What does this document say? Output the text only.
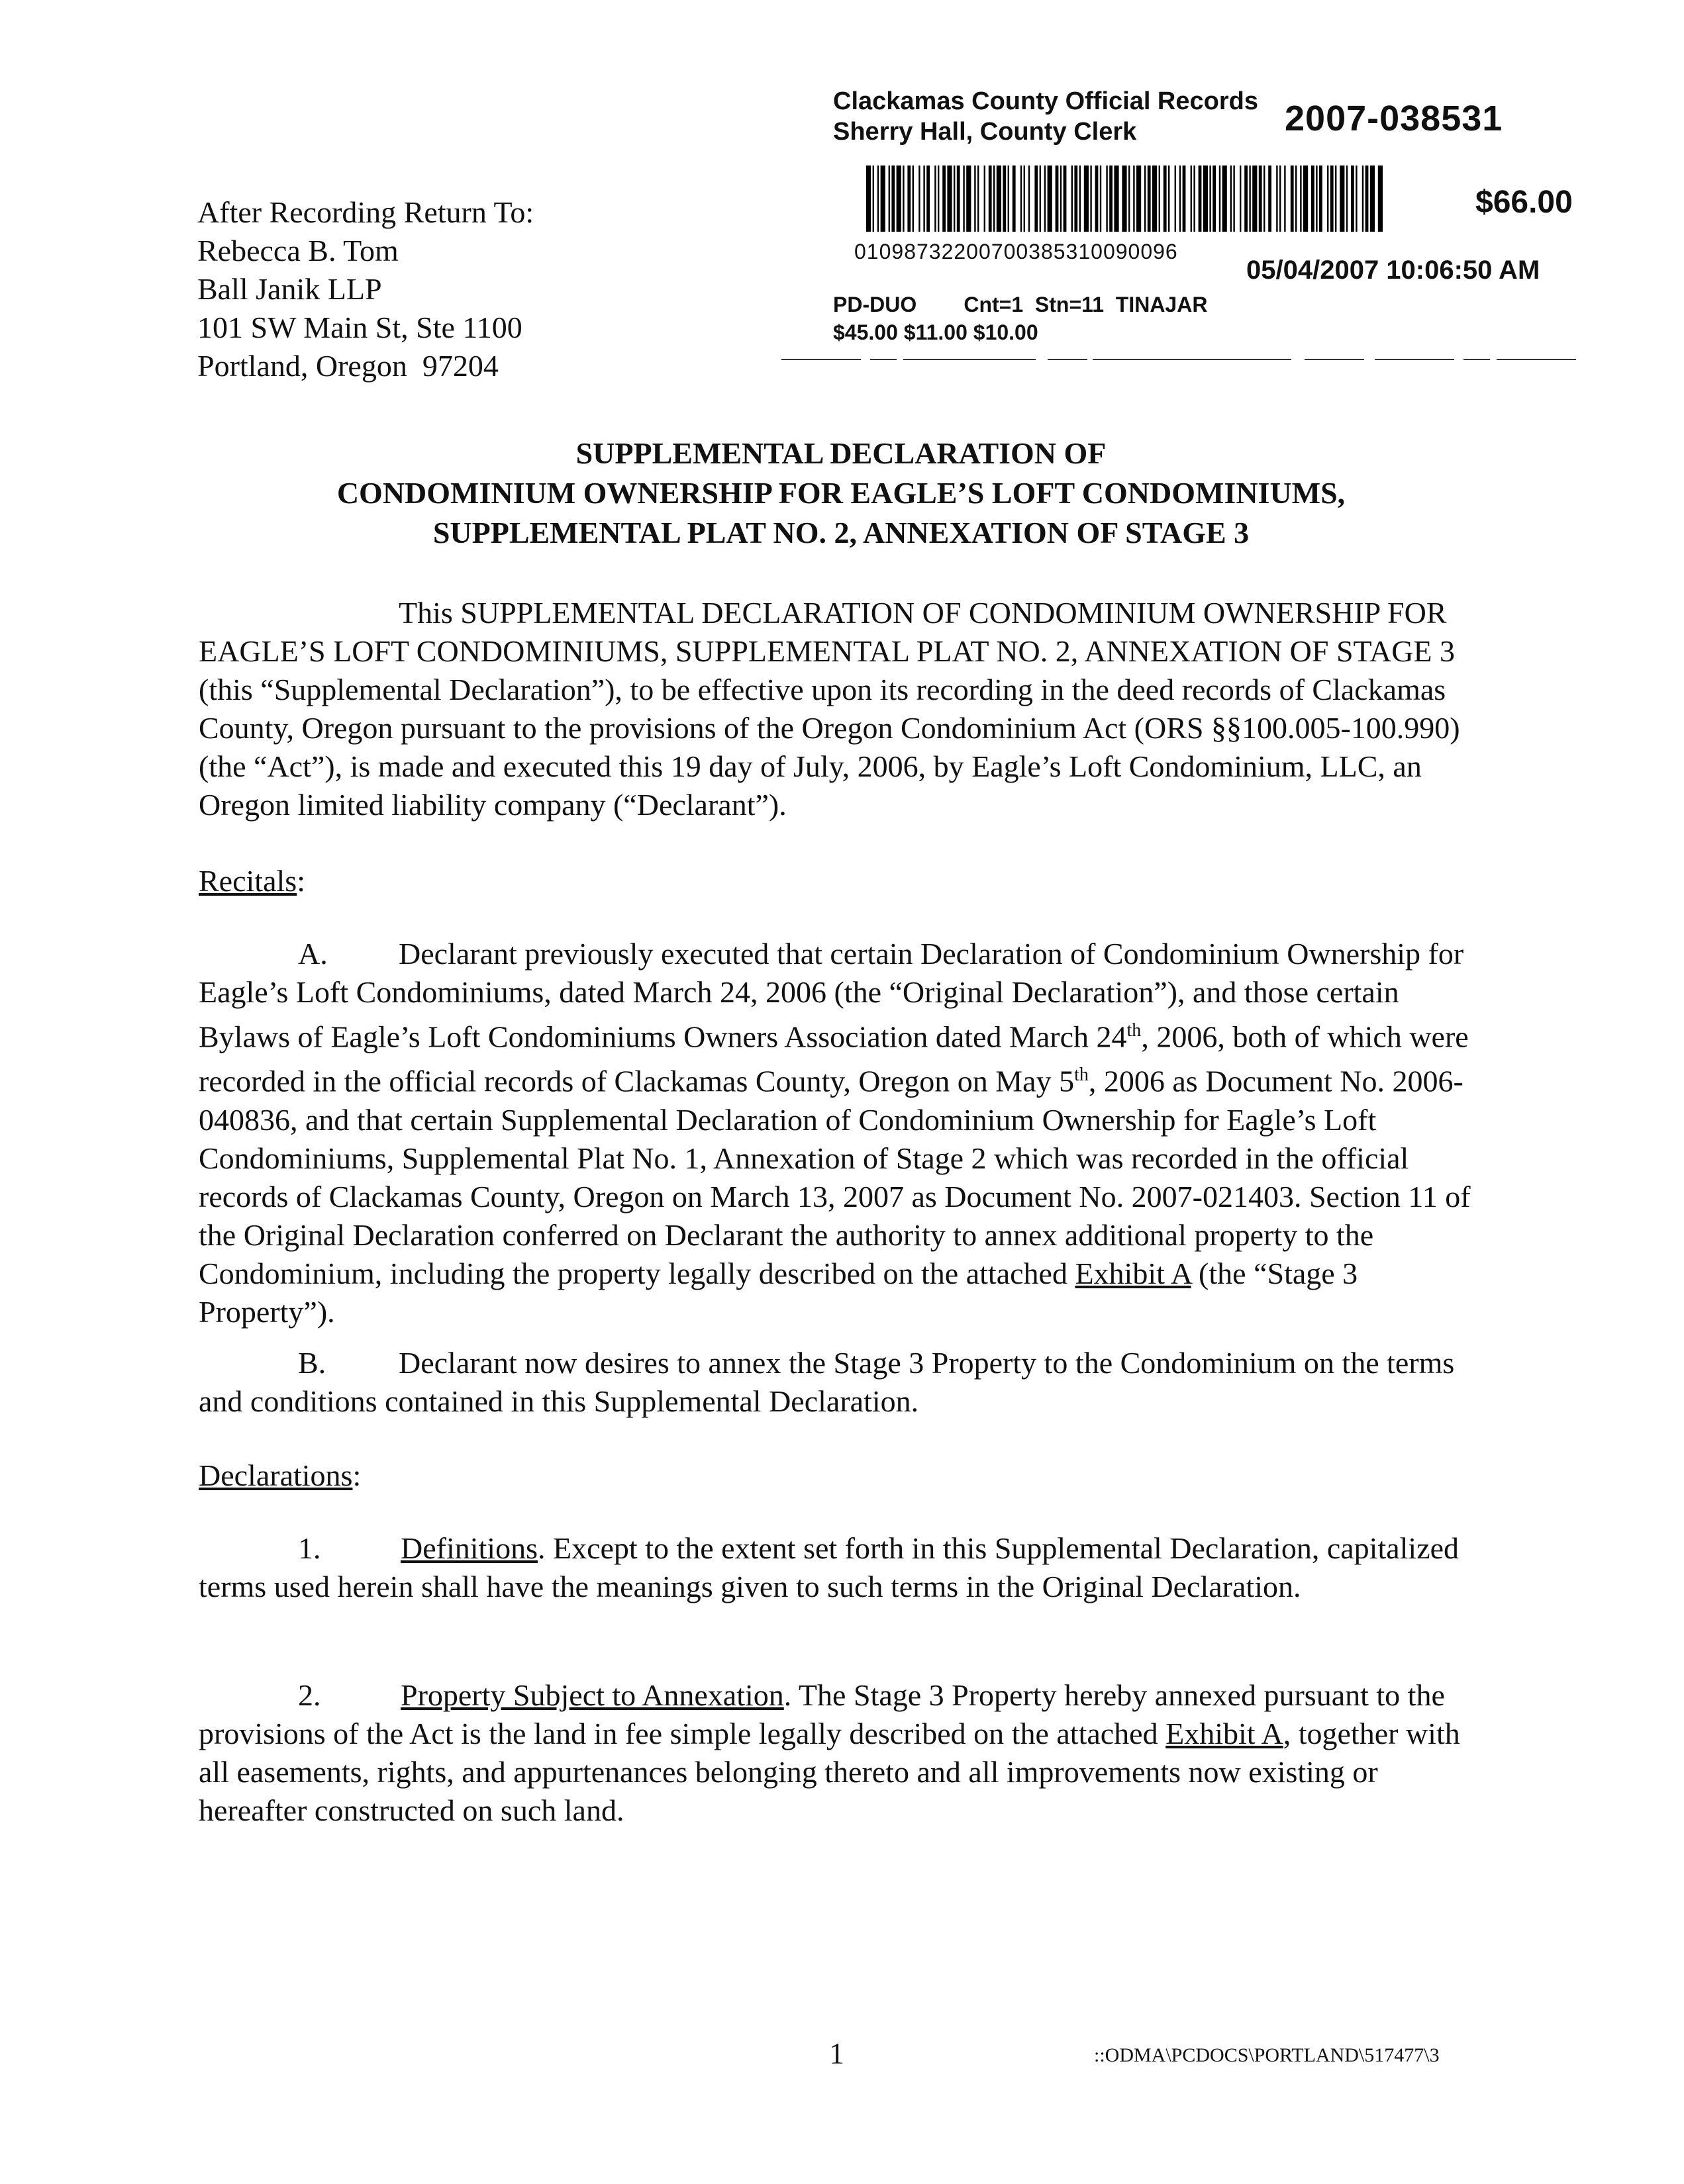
Clackamas County Official Records
Sherry Hall, County Clerk	2007-038531
$66.00
01098732200700385310090096
05/04/2007 10:06:50 AM
PD-DUO        Cnt=1  Stn=11  TINAJAR
$45.00 $11.00 $10.00
After Recording Return To:
Rebecca B. Tom
Ball Janik LLP
101 SW Main St, Ste 1100
Portland, Oregon  97204
SUPPLEMENTAL DECLARATION OF
CONDOMINIUM OWNERSHIP FOR EAGLE’S LOFT CONDOMINIUMS,
SUPPLEMENTAL PLAT NO. 2, ANNEXATION OF STAGE 3
This SUPPLEMENTAL DECLARATION OF CONDOMINIUM OWNERSHIP FOR EAGLE’S LOFT CONDOMINIUMS, SUPPLEMENTAL PLAT NO. 2, ANNEXATION OF STAGE 3 (this “Supplemental Declaration”), to be effective upon its recording in the deed records of Clackamas County, Oregon pursuant to the provisions of the Oregon Condominium Act (ORS §§100.005-100.990) (the “Act”), is made and executed this 19 day of July, 2006, by Eagle’s Loft Condominium, LLC, an Oregon limited liability company (“Declarant”).
Recitals:
A. Declarant previously executed that certain Declaration of Condominium Ownership for Eagle’s Loft Condominiums, dated March 24, 2006 (the “Original Declaration”), and those certain Bylaws of Eagle’s Loft Condominiums Owners Association dated March 24th, 2006, both of which were recorded in the official records of Clackamas County, Oregon on May 5th, 2006 as Document No. 2006-040836, and that certain Supplemental Declaration of Condominium Ownership for Eagle’s Loft Condominiums, Supplemental Plat No. 1, Annexation of Stage 2 which was recorded in the official records of Clackamas County, Oregon on March 13, 2007 as Document No. 2007-021403. Section 11 of the Original Declaration conferred on Declarant the authority to annex additional property to the Condominium, including the property legally described on the attached Exhibit A (the “Stage 3 Property”).
B. Declarant now desires to annex the Stage 3 Property to the Condominium on the terms and conditions contained in this Supplemental Declaration.
Declarations:
1.	Definitions. Except to the extent set forth in this Supplemental Declaration, capitalized terms used herein shall have the meanings given to such terms in the Original Declaration.
2.	Property Subject to Annexation. The Stage 3 Property hereby annexed pursuant to the provisions of the Act is the land in fee simple legally described on the attached Exhibit A, together with all easements, rights, and appurtenances belonging thereto and all improvements now existing or hereafter constructed on such land.
1	::ODMA\PCDOCS\PORTLAND\517477\3
